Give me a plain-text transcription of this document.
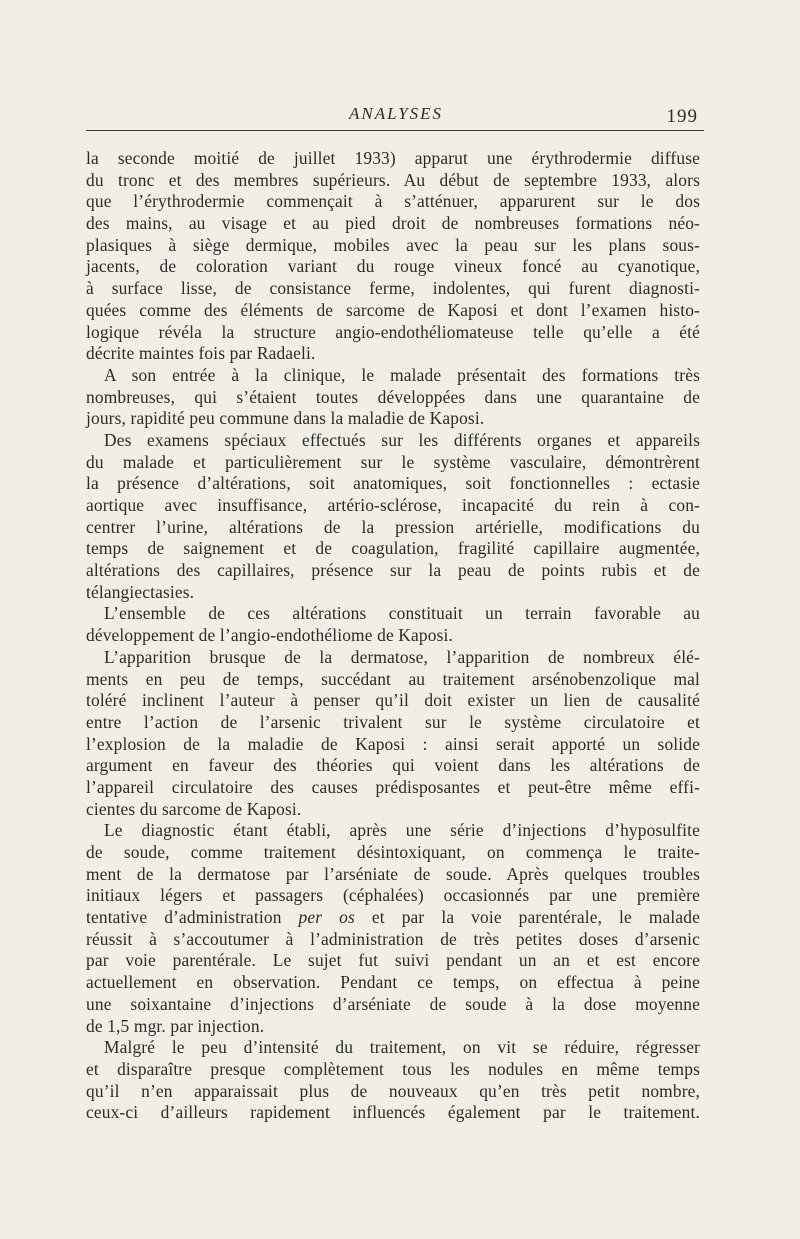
ANALYSES	199
la seconde moitié de juillet 1933) apparut une érythrodermie diffuse
du tronc et des membres supérieurs. Au début de septembre 1933, alors
que l’érythrodermie commençait à s’atténuer, apparurent sur le dos
des mains, au visage et au pied droit de nombreuses formations néo-
plasiques à siège dermique, mobiles avec la peau sur les plans sous-
jacents, de coloration variant du rouge vineux foncé au cyanotique,
à surface lisse, de consistance ferme, indolentes, qui furent diagnosti-
quées comme des éléments de sarcome de Kaposi et dont l’examen histo-
logique révéla la structure angio-endothéliomateuse telle qu’elle a été
décrite maintes fois par Radaeli.
A son entrée à la clinique, le malade présentait des formations très
nombreuses, qui s’étaient toutes développées dans une quarantaine de
jours, rapidité peu commune dans la maladie de Kaposi.
Des examens spéciaux effectués sur les différents organes et appareils
du malade et particulièrement sur le système vasculaire, démontrèrent
la présence d’altérations, soit anatomiques, soit fonctionnelles : ectasie
aortique avec insuffisance, artério-sclérose, incapacité du rein à con-
centrer l’urine, altérations de la pression artérielle, modifications du
temps de saignement et de coagulation, fragilité capillaire augmentée,
altérations des capillaires, présence sur la peau de points rubis et de
télangiectasies.
L’ensemble de ces altérations constituait un terrain favorable au
développement de l’angio-endothéliome de Kaposi.
L’apparition brusque de la dermatose, l’apparition de nombreux élé-
ments en peu de temps, succédant au traitement arsénobenzolique mal
toléré inclinent l’auteur à penser qu’il doit exister un lien de causalité
entre l’action de l’arsenic trivalent sur le système circulatoire et
l’explosion de la maladie de Kaposi : ainsi serait apporté un solide
argument en faveur des théories qui voient dans les altérations de
l’appareil circulatoire des causes prédisposantes et peut-être même effi-
cientes du sarcome de Kaposi.
Le diagnostic étant établi, après une série d’injections d’hyposulfite
de soude, comme traitement désintoxiquant, on commença le traite-
ment de la dermatose par l’arséniate de soude. Après quelques troubles
initiaux légers et passagers (céphalées) occasionnés par une première
tentative d’administration per os et par la voie parentérale, le malade
réussit à s’accoutumer à l’administration de très petites doses d’arsenic
par voie parentérale. Le sujet fut suivi pendant un an et est encore
actuellement en observation. Pendant ce temps, on effectua à peine
une soixantaine d’injections d’arséniate de soude à la dose moyenne
de 1,5 mgr. par injection.
Malgré le peu d’intensité du traitement, on vit se réduire, régresser
et disparaître presque complètement tous les nodules en même temps
qu’il n’en apparaissait plus de nouveaux qu’en très petit nombre,
ceux-ci d’ailleurs rapidement influencés également par le traitement.
